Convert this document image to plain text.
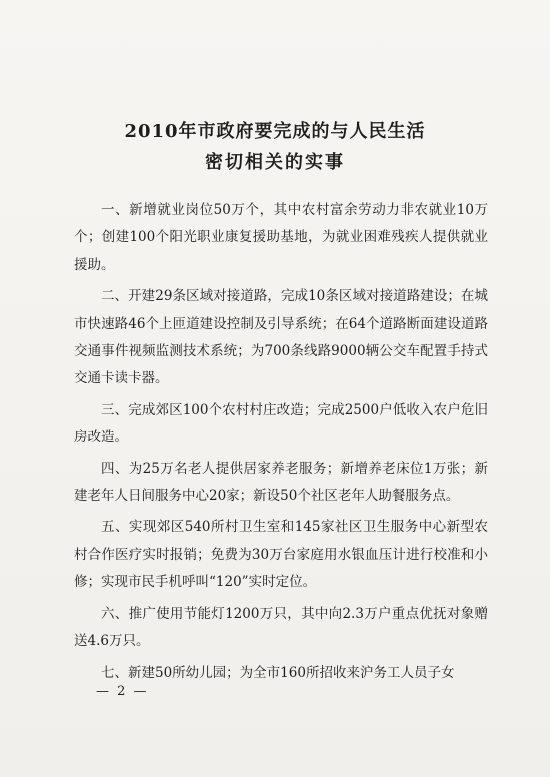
2010年市政府要完成的与人民生活
密切相关的实事

一、新增就业岗位50万个，其中农村富余劳动力非农就业10万个；创建100个阳光职业康复援助基地，为就业困难残疾人提供就业援助。

二、开建29条区域对接道路，完成10条区域对接道路建设；在城市快速路46个上匝道建设控制及引导系统；在64个道路断面建设道路交通事件视频监测技术系统；为700条线路9000辆公交车配置手持式交通卡读卡器。

三、完成郊区100个农村村庄改造；完成2500户低收入农户危旧房改造。

四、为25万名老人提供居家养老服务；新增养老床位1万张；新建老年人日间服务中心20家；新设50个社区老年人助餐服务点。

五、实现郊区540所村卫生室和145家社区卫生服务中心新型农村合作医疗实时报销；免费为30万台家庭用水银血压计进行校准和小修；实现市民手机呼叫“120”实时定位。

六、推广使用节能灯1200万只，其中向2.3万户重点优抚对象赠送4.6万只。

七、新建50所幼儿园；为全市160所招收来沪务工人员子女

— 2 —
